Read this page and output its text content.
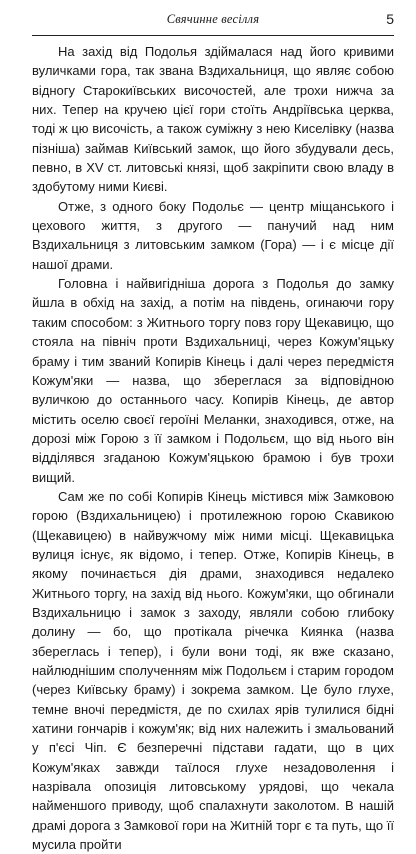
Свячинне весілля	5

На захід від Подолья здіймалася над його кривими вуличками гора, так звана Вздихальниця, що являє собою відногу Старокиївських височостей, але трохи нижча за них. Тепер на кручею цієї гори стоїть Андріївська церква, тоді ж цю височість, а також суміжну з нею Киселівку (назва пізніша) займав Київський замок, що його збудували десь, певно, в XV ст. литовські князі, щоб закріпити свою владу в здобутому ними Києві.

Отже, з одного боку Подольє — центр міщанського і цехового життя, з другого — панучий над ним Вздихальниця з литовським замком (Гора) — і є місце дії нашої драми.

Головна і найвигідніша дорога з Подолья до замку йшла в обхід на захід, а потім на південь, огинаючи гору таким способом: з Житнього торгу повз гору Щекавицю, що стояла на північ проти Вздихальниці, через Кожум'яцьку браму і тим званий Копирів Кінець і далі через передмістя Кожум'яки — назва, що збереглася за відповідною вуличкою до останнього часу. Копирів Кінець, де автор містить оселю своєї героїні Меланки, знаходився, отже, на дорозі між Горою з її замком і Подольєм, що від нього він відділявся згаданою Кожум'яцькою брамою і був трохи вищий.

Сам же по собі Копирів Кінець містився між Замковою горою (Вздихальницею) і протилежною горою Скавикою (Щекавицею) в найвужчому між ними місці. Щекавицька вулиця існує, як відомо, і тепер. Отже, Копирів Кінець, в якому починається дія драми, знаходився недалеко Житнього торгу, на захід від нього. Кожум'яки, що обгинали Вздихальницю і замок з заходу, являли собою глибоку долину — бо, що протікала річечка Киянка (назва збереглась і тепер), і були вони тоді, як вже сказано, найлюднішим сполученням між Подольєм і старим городом (через Київську браму) і зокрема замком. Це було глухе, темне вночі передмістя, де по схилах ярів тулилися бідні хатини гончарів і кожум'як; від них належить і змальований у п'єсі Чіп. Є безперечні підстави гадати, що в цих Кожум'яках завжди таїлося глухе незадоволення і назрівала опозиція литовському урядові, що чекала найменшого приводу, щоб спалахнути заколотом. В нашій драмі дорога з Замкової гори на Житній торг є та путь, що її мусила пройти
